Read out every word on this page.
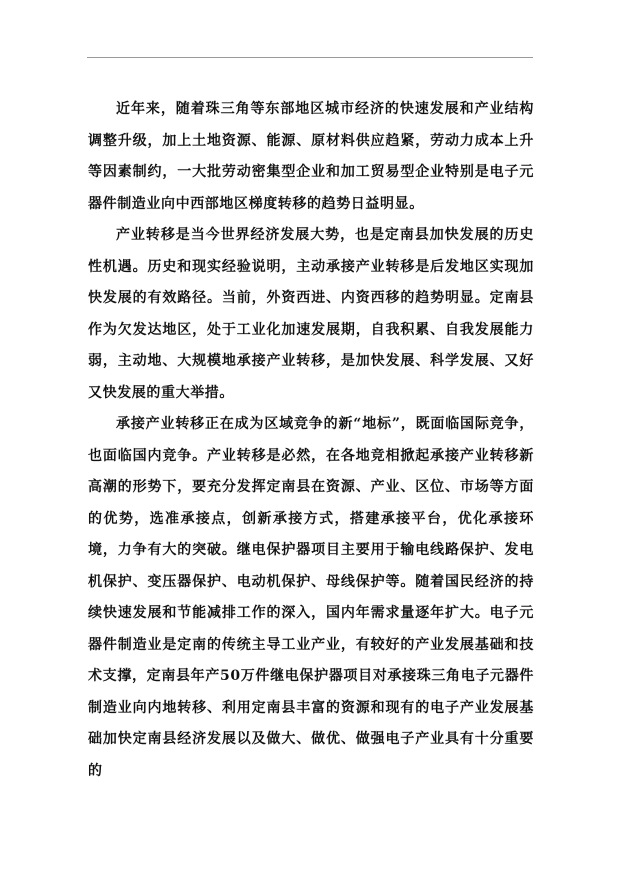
近年来，随着珠三角等东部地区城市经济的快速发展和产业结构调整升级，加上土地资源、能源、原材料供应趋紧，劳动力成本上升等因素制约，一大批劳动密集型企业和加工贸易型企业特别是电子元器件制造业向中西部地区梯度转移的趋势日益明显。

产业转移是当今世界经济发展大势，也是定南县加快发展的历史性机遇。历史和现实经验说明，主动承接产业转移是后发地区实现加快发展的有效路径。当前，外资西进、内资西移的趋势明显。定南县作为欠发达地区，处于工业化加速发展期，自我积累、自我发展能力弱，主动地、大规模地承接产业转移，是加快发展、科学发展、又好又快发展的重大举措。

承接产业转移正在成为区域竞争的新“地标”，既面临国际竞争，也面临国内竞争。产业转移是必然，在各地竞相掀起承接产业转移新高潮的形势下，要充分发挥定南县在资源、产业、区位、市场等方面的优势，选准承接点，创新承接方式，搭建承接平台，优化承接环境，力争有大的突破。继电保护器项目主要用于输电线路保护、发电机保护、变压器保护、电动机保护、母线保护等。随着国民经济的持续快速发展和节能减排工作的深入，国内年需求量逐年扩大。电子元器件制造业是定南的传统主导工业产业，有较好的产业发展基础和技术支撑，定南县年产50万件继电保护器项目对承接珠三角电子元器件制造业向内地转移、利用定南县丰富的资源和现有的电子产业发展基础加快定南县经济发展以及做大、做优、做强电子产业具有十分重要的
